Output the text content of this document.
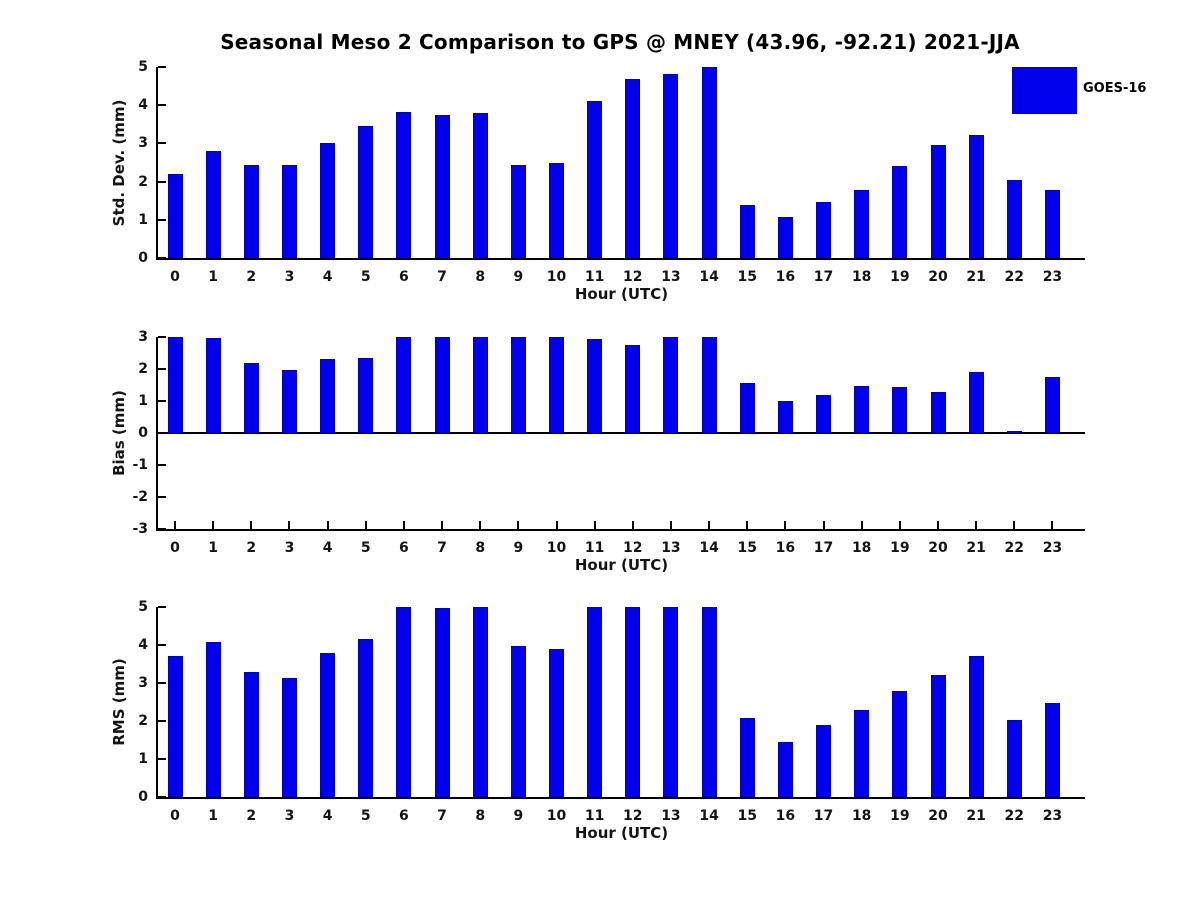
Seasonal Meso 2 Comparison to GPS @ MNEY (43.96, -92.21) 2021-JJA
Std. Dev. (mm)
Hour (UTC)
0
1
2
3
4
5
0	1	2	3	4	5	6	7	8	9	10	11	12	13	14	15	16	17	18	19	20	21	22	23
Bias (mm)
Hour (UTC)
-3
-2
-1
0
1
2
3
0	1	2	3	4	5	6	7	8	9	10	11	12	13	14	15	16	17	18	19	20	21	22	23
RMS (mm)
Hour (UTC)
0
1
2
3
4
5
0	1	2	3	4	5	6	7	8	9	10	11	12	13	14	15	16	17	18	19	20	21	22	23
GOES-16
